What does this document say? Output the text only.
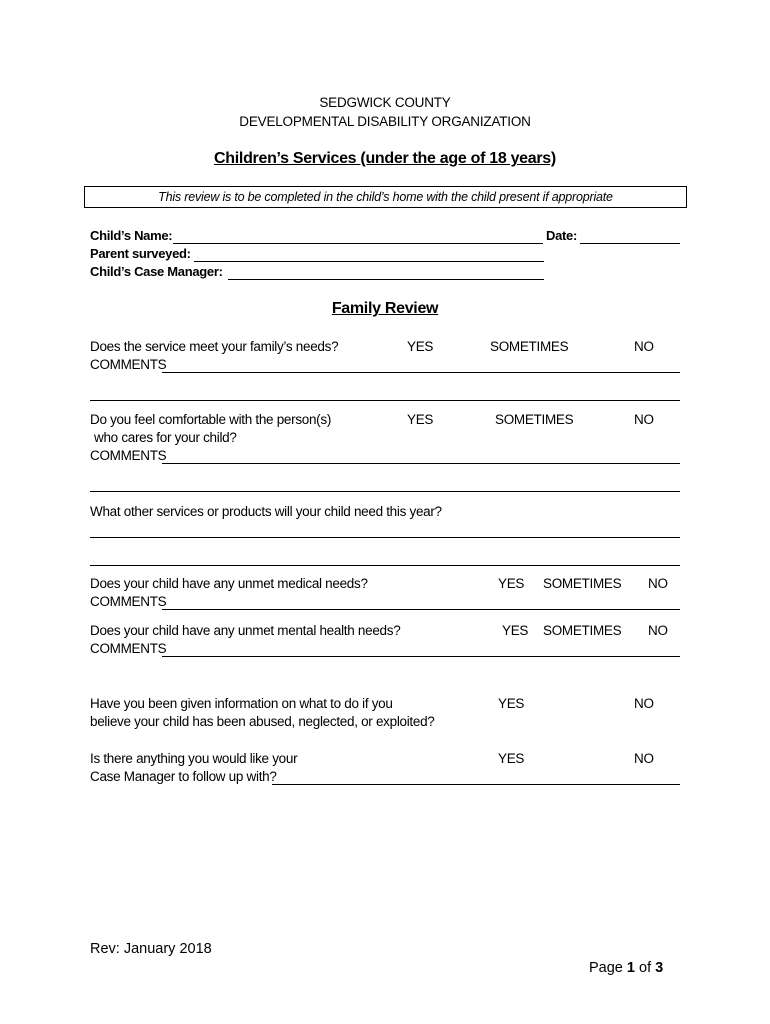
SEDGWICK COUNTY
DEVELOPMENTAL DISABILITY ORGANIZATION
Children’s Services (under the age of 18 years)
This review is to be completed in the child’s home with the child present if appropriate
Child’s Name:	Date:
Parent surveyed:
Child’s Case Manager:
Family Review
Does the service meet your family’s needs?	YES	SOMETIMES	NO
COMMENTS
Do you feel comfortable with the person(s)
who cares for your child?
YES	SOMETIMES	NO
COMMENTS
What other services or products will your child need this year?
Does your child have any unmet medical needs?	YES SOMETIMES NO
COMMENTS
Does your child have any unmet mental health needs?	YES SOMETIMES NO
COMMENTS
Have you been given information on what to do if you
believe your child has been abused, neglected, or exploited?
YES	NO
Is there anything you would like your
Case Manager to follow up with?
YES	NO
Rev: January 2018
Page 1 of 3
